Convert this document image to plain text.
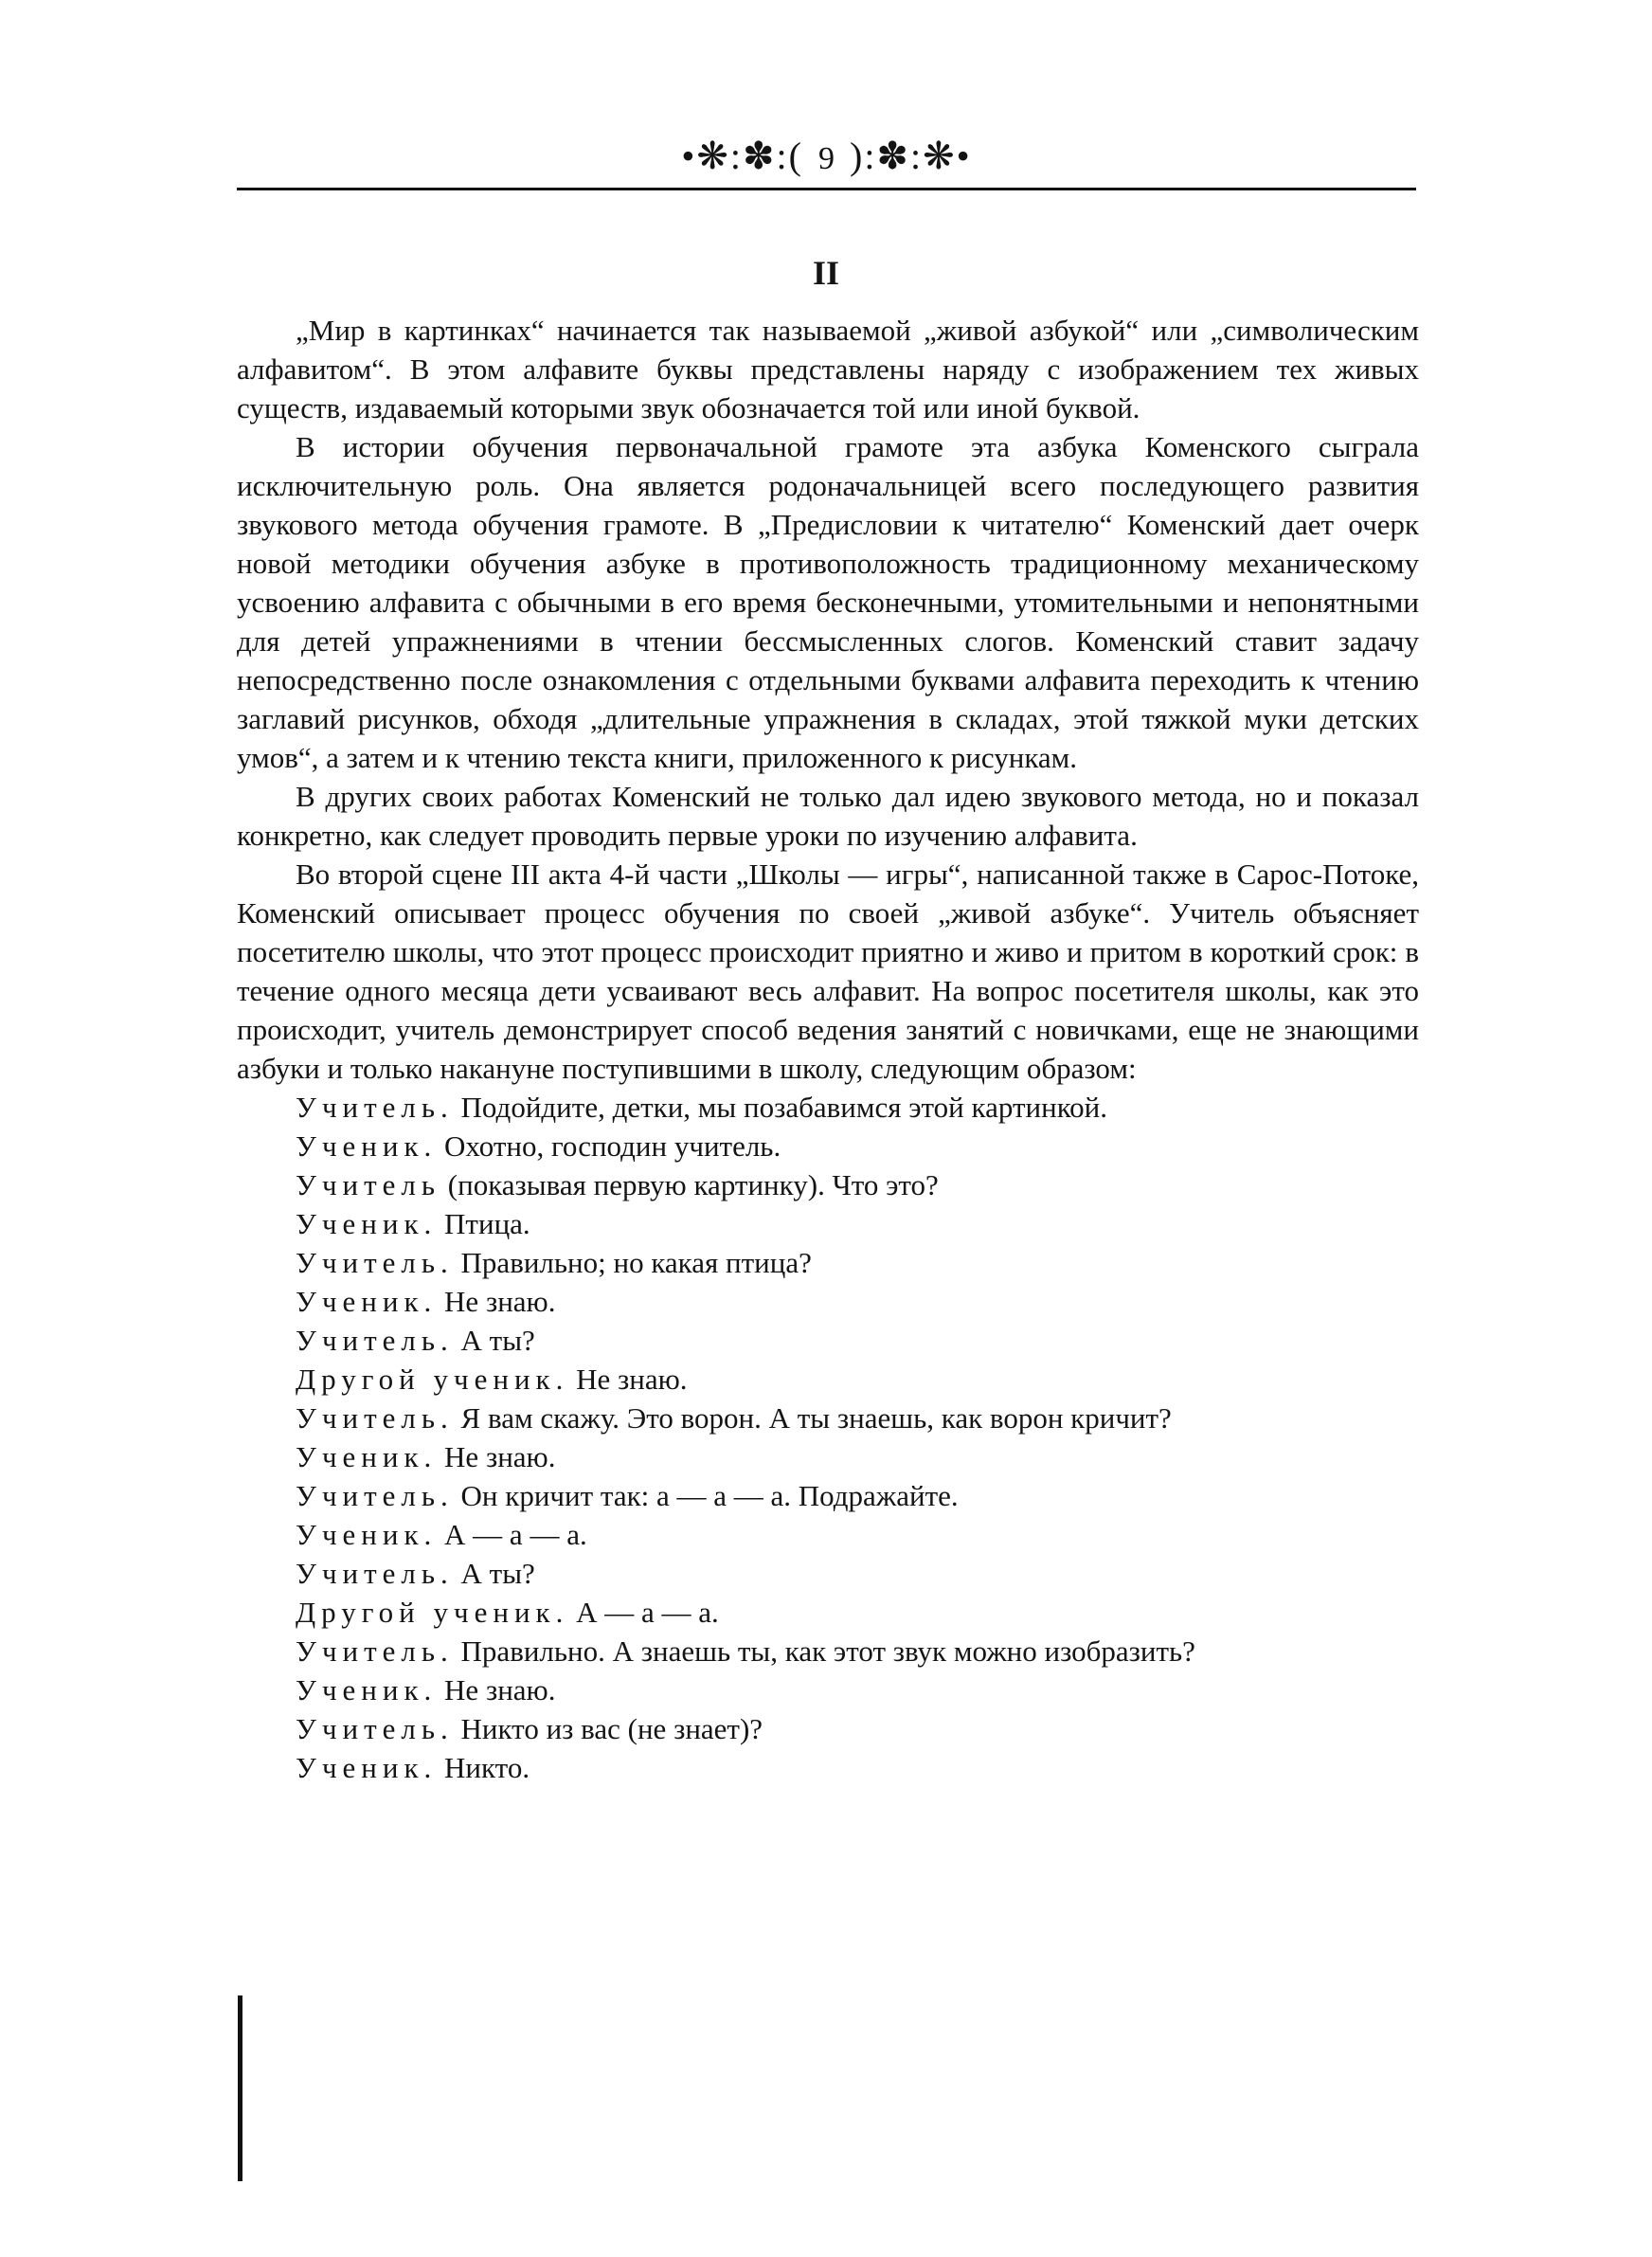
•❋:✽:( 9 ):✽:❋•
II

„Мир в картинках“ начинается так называемой „живой азбукой“ или „символическим алфавитом“. В этом алфавите буквы представлены наряду с изображением тех живых существ, издаваемый которыми звук обозначается той или иной буквой.

В истории обучения первоначальной грамоте эта азбука Коменского сыграла исключительную роль. Она является родоначальницей всего последующего развития звукового метода обучения грамоте. В „Предисловии к читателю“ Коменский дает очерк новой методики обучения азбуке в противоположность традиционному механическому усвоению алфавита с обычными в его время бесконечными, утомительными и непонятными для детей упражнениями в чтении бессмысленных слогов. Коменский ставит задачу непосредственно после ознакомления с отдельными буквами алфавита переходить к чтению заглавий рисунков, обходя „длительные упражнения в складах, этой тяжкой муки детских умов“, а затем и к чтению текста книги, приложенного к рисункам.

В других своих работах Коменский не только дал идею звукового метода, но и показал конкретно, как следует проводить первые уроки по изучению алфавита.

Во второй сцене III акта 4-й части „Школы — игры“, написанной также в Сарос-Потоке, Коменский описывает процесс обучения по своей „живой азбуке“. Учитель объясняет посетителю школы, что этот процесс происходит приятно и живо и притом в короткий срок: в течение одного месяца дети усваивают весь алфавит. На вопрос посетителя школы, как это происходит, учитель демонстрирует способ ведения занятий с новичками, еще не знающими азбуки и только накануне поступившими в школу, следующим образом:

Учитель. Подойдите, детки, мы позабавимся этой картинкой.

Ученик. Охотно, господин учитель.

Учитель (показывая первую картинку). Что это?

Ученик. Птица.

Учитель. Правильно; но какая птица?

Ученик. Не знаю.

Учитель. А ты?

Другой ученик. Не знаю.

Учитель. Я вам скажу. Это ворон. А ты знаешь, как ворон кричит?

Ученик. Не знаю.

Учитель. Он кричит так: а — а — а. Подражайте.

Ученик. А — а — а.

Учитель. А ты?

Другой ученик. А — а — а.

Учитель. Правильно. А знаешь ты, как этот звук можно изобразить?

Ученик. Не знаю.

Учитель. Никто из вас (не знает)?

Ученик. Никто.
